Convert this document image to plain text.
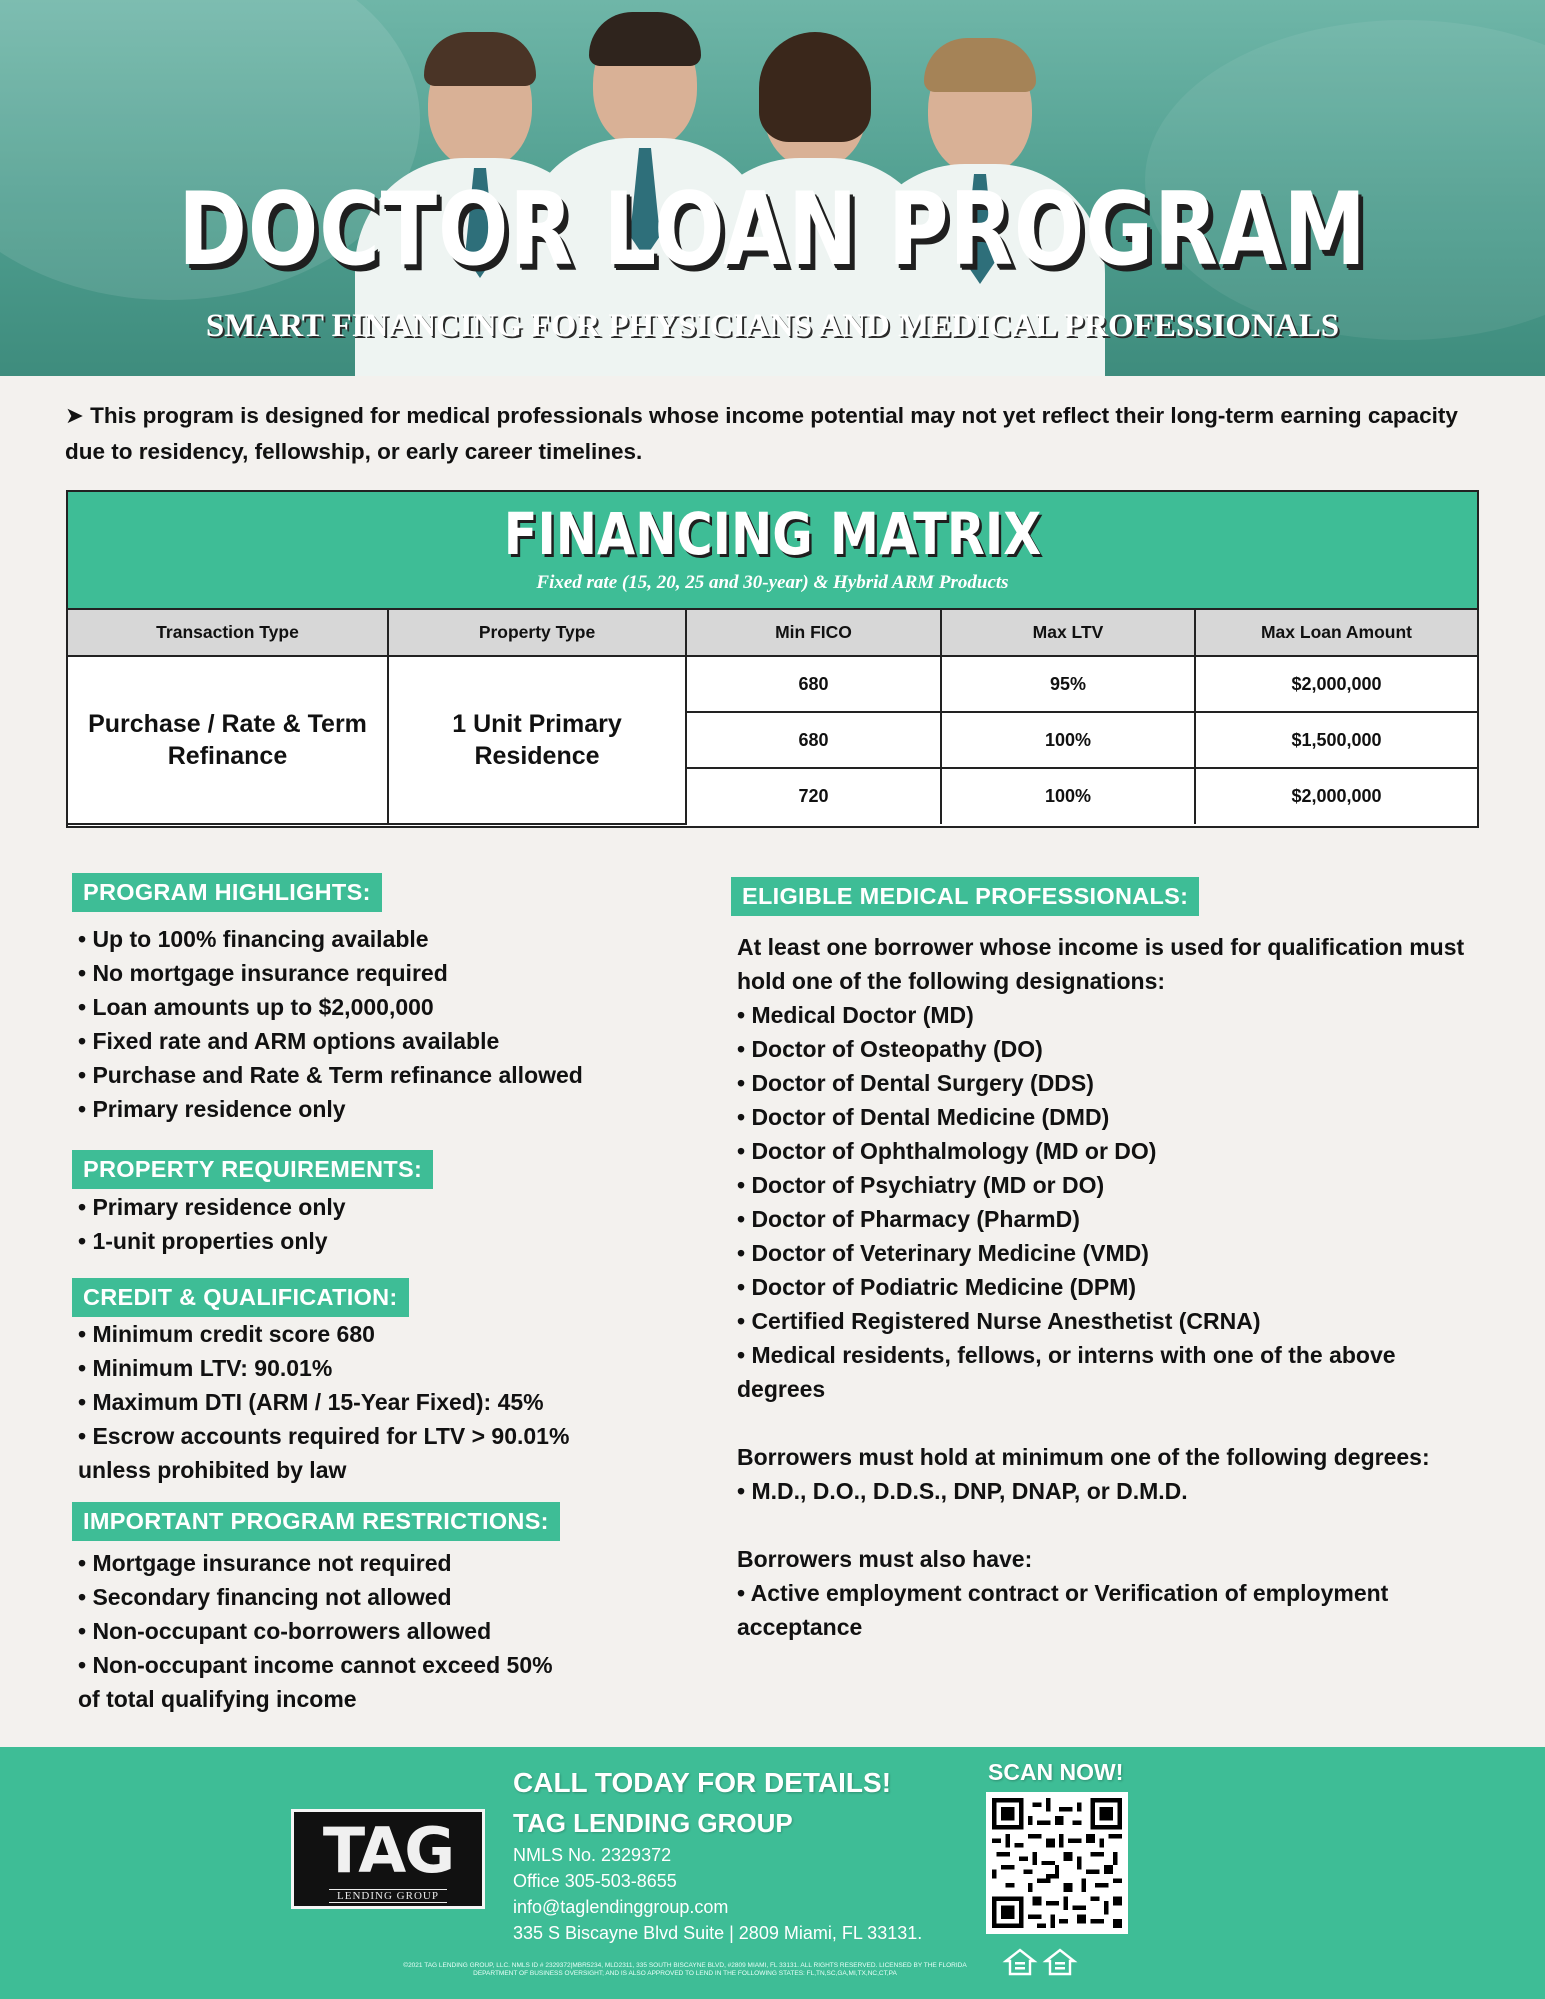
DOCTOR LOAN PROGRAM
SMART FINANCING FOR PHYSICIANS AND MEDICAL PROFESSIONALS
➤ This program is designed for medical professionals whose income potential may not yet reflect their long-term earning capacity due to residency, fellowship, or early career timelines.
FINANCING MATRIX
Fixed rate (15, 20, 25 and 30-year) & Hybrid ARM Products
Transaction Type	Property Type	Min FICO	Max LTV	Max Loan Amount
Purchase / Rate & Term Refinance	1 Unit Primary Residence	680	95%	$2,000,000
		680	100%	$1,500,000
		720	100%	$2,000,000
PROGRAM HIGHLIGHTS:
• Up to 100% financing available
• No mortgage insurance required
• Loan amounts up to $2,000,000
• Fixed rate and ARM options available
• Purchase and Rate & Term refinance allowed
• Primary residence only
PROPERTY REQUIREMENTS:
• Primary residence only
• 1-unit properties only
CREDIT & QUALIFICATION:
• Minimum credit score 680
• Minimum LTV: 90.01%
• Maximum DTI (ARM / 15-Year Fixed): 45%
• Escrow accounts required for LTV > 90.01%
unless prohibited by law
IMPORTANT PROGRAM RESTRICTIONS:
• Mortgage insurance not required
• Secondary financing not allowed
• Non-occupant co-borrowers allowed
• Non-occupant income cannot exceed 50%
of total qualifying income
ELIGIBLE MEDICAL PROFESSIONALS:
At least one borrower whose income is used for qualification must hold one of the following designations:
• Medical Doctor (MD)
• Doctor of Osteopathy (DO)
• Doctor of Dental Surgery (DDS)
• Doctor of Dental Medicine (DMD)
• Doctor of Ophthalmology (MD or DO)
• Doctor of Psychiatry (MD or DO)
• Doctor of Pharmacy (PharmD)
• Doctor of Veterinary Medicine (VMD)
• Doctor of Podiatric Medicine (DPM)
• Certified Registered Nurse Anesthetist (CRNA)
• Medical residents, fellows, or interns with one of the above degrees
Borrowers must hold at minimum one of the following degrees:
• M.D., D.O., D.D.S., DNP, DNAP, or D.M.D.
Borrowers must also have:
• Active employment contract or Verification of employment acceptance
TAG
LENDING GROUP
CALL TODAY FOR DETAILS!
TAG LENDING GROUP
NMLS No. 2329372
Office 305-503-8655
info@taglendinggroup.com
335 S Biscayne Blvd Suite | 2809 Miami, FL 33131.
SCAN NOW!
©2021 TAG LENDING GROUP, LLC. NMLS ID # 2329372|MBR5234, MLD2311, 335 SOUTH BISCAYNE BLVD, #2809 MIAMI, FL 33131. ALL RIGHTS RESERVED. LICENSED BY THE FLORIDA DEPARTMENT OF BUSINESS OVERSIGHT; AND IS ALSO APPROVED TO LEND IN THE FOLLOWING STATES: FL,TN,SC,GA,MI,TX,NC,CT,PA
